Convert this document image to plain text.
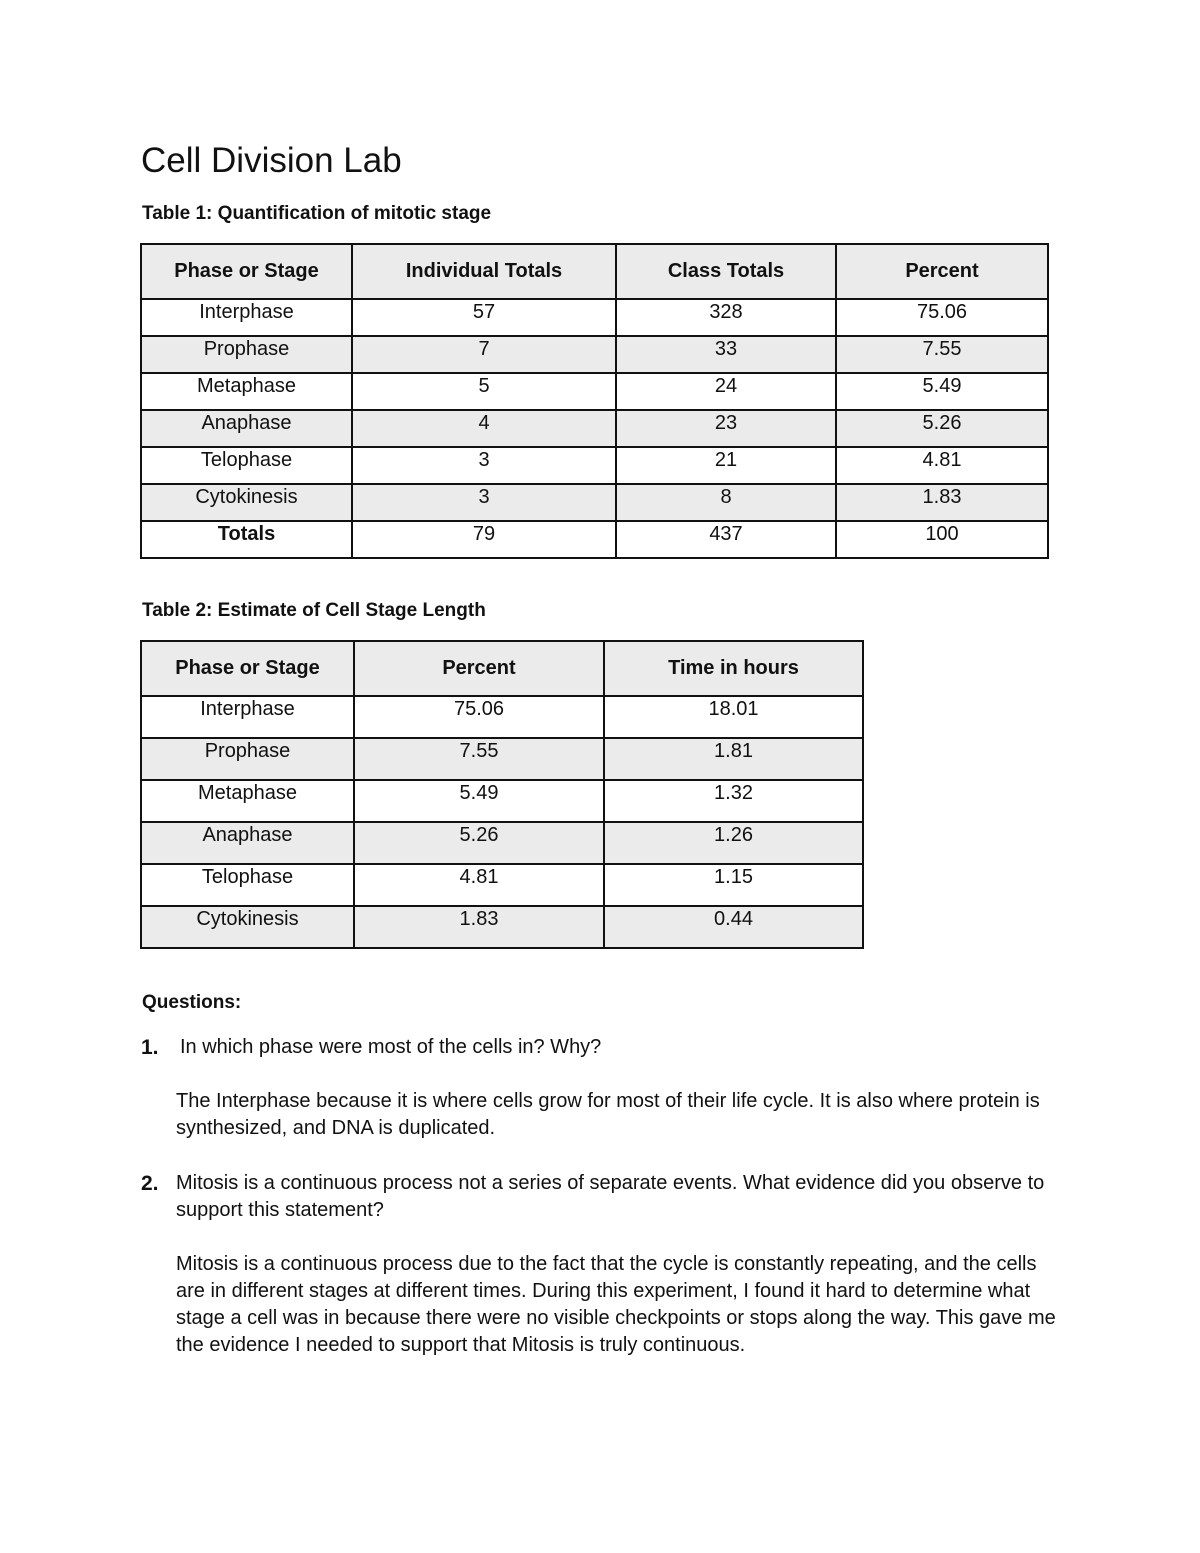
Cell Division Lab

Table 1: Quantification of mitotic stage

Phase or Stage	Individual Totals	Class Totals	Percent
Interphase	57	328	75.06
Prophase	7	33	7.55
Metaphase	5	24	5.49
Anaphase	4	23	5.26
Telophase	3	21	4.81
Cytokinesis	3	8	1.83
Totals	79	437	100

Table 2: Estimate of Cell Stage Length

Phase or Stage	Percent	Time in hours
Interphase	75.06	18.01
Prophase	7.55	1.81
Metaphase	5.49	1.32
Anaphase	5.26	1.26
Telophase	4.81	1.15
Cytokinesis	1.83	0.44

Questions:

1. In which phase were most of the cells in? Why?

The Interphase because it is where cells grow for most of their life cycle. It is also where protein is synthesized, and DNA is duplicated.

2. Mitosis is a continuous process not a series of separate events. What evidence did you observe to support this statement?

Mitosis is a continuous process due to the fact that the cycle is constantly repeating, and the cells are in different stages at different times. During this experiment, I found it hard to determine what stage a cell was in because there were no visible checkpoints or stops along the way. This gave me the evidence I needed to support that Mitosis is truly continuous.
